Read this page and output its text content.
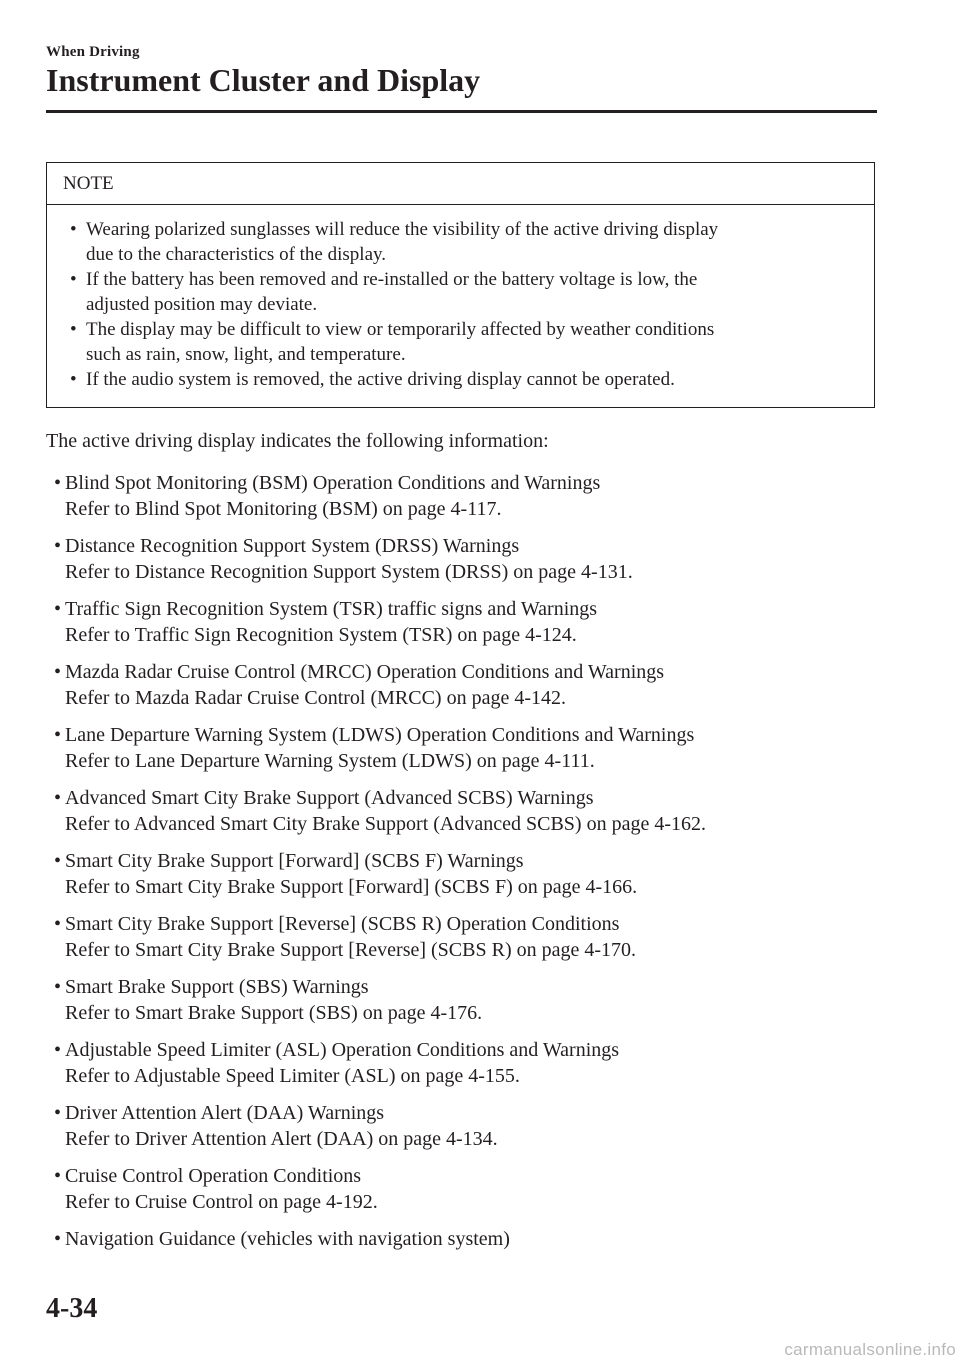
When Driving
Instrument Cluster and Display
NOTE
• Wearing polarized sunglasses will reduce the visibility of the active driving display
due to the characteristics of the display.
• If the battery has been removed and re-installed or the battery voltage is low, the
adjusted position may deviate.
• The display may be difficult to view or temporarily affected by weather conditions
such as rain, snow, light, and temperature.
• If the audio system is removed, the active driving display cannot be operated.

The active driving display indicates the following information:

• Blind Spot Monitoring (BSM) Operation Conditions and Warnings
Refer to Blind Spot Monitoring (BSM) on page 4-117.
• Distance Recognition Support System (DRSS) Warnings
Refer to Distance Recognition Support System (DRSS) on page 4-131.
• Traffic Sign Recognition System (TSR) traffic signs and Warnings
Refer to Traffic Sign Recognition System (TSR) on page 4-124.
• Mazda Radar Cruise Control (MRCC) Operation Conditions and Warnings
Refer to Mazda Radar Cruise Control (MRCC) on page 4-142.
• Lane Departure Warning System (LDWS) Operation Conditions and Warnings
Refer to Lane Departure Warning System (LDWS) on page 4-111.
• Advanced Smart City Brake Support (Advanced SCBS) Warnings
Refer to Advanced Smart City Brake Support (Advanced SCBS) on page 4-162.
• Smart City Brake Support [Forward] (SCBS F) Warnings
Refer to Smart City Brake Support [Forward] (SCBS F) on page 4-166.
• Smart City Brake Support [Reverse] (SCBS R) Operation Conditions
Refer to Smart City Brake Support [Reverse] (SCBS R) on page 4-170.
• Smart Brake Support (SBS) Warnings
Refer to Smart Brake Support (SBS) on page 4-176.
• Adjustable Speed Limiter (ASL) Operation Conditions and Warnings
Refer to Adjustable Speed Limiter (ASL) on page 4-155.
• Driver Attention Alert (DAA) Warnings
Refer to Driver Attention Alert (DAA) on page 4-134.
• Cruise Control Operation Conditions
Refer to Cruise Control on page 4-192.
• Navigation Guidance (vehicles with navigation system)
4-34
carmanualsonline.info
